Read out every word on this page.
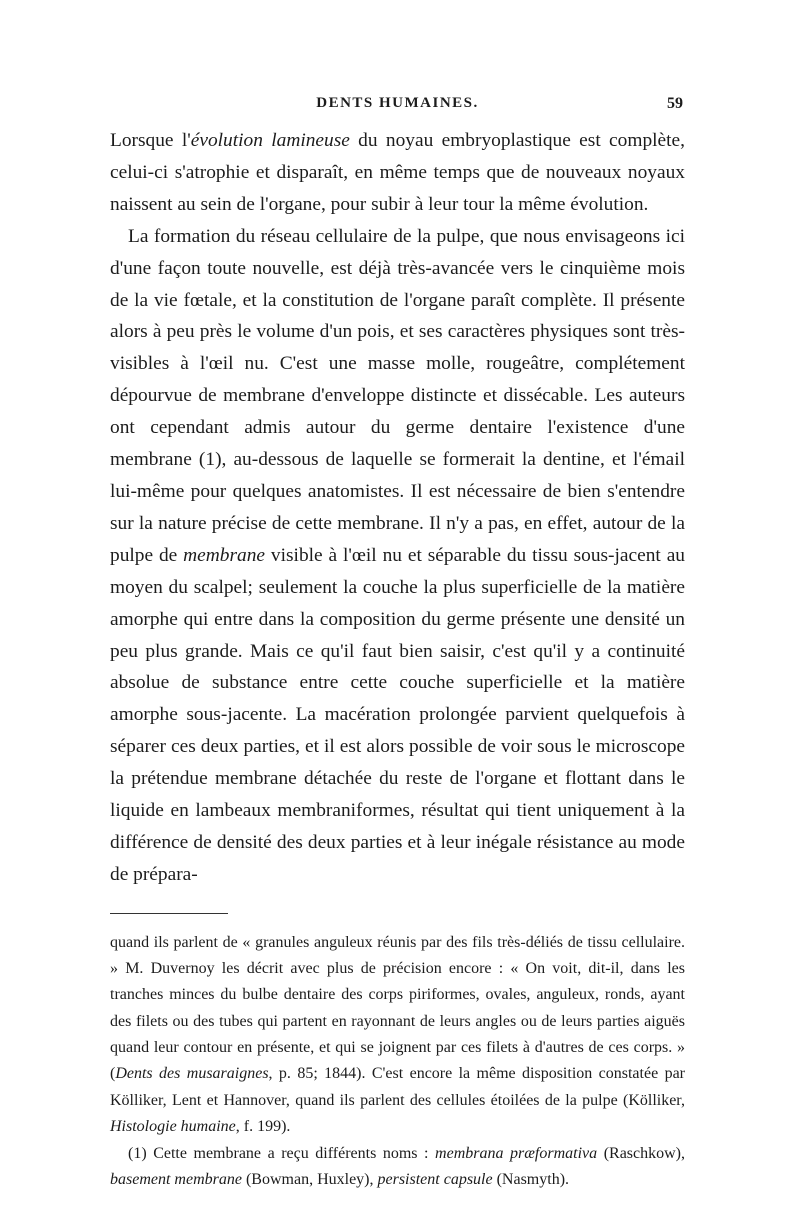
DENTS HUMAINES.	59

Lorsque l'évolution lamineuse du noyau embryoplastique est complète, celui-ci s'atrophie et disparaît, en même temps que de nouveaux noyaux naissent au sein de l'organe, pour subir à leur tour la même évolution.

La formation du réseau cellulaire de la pulpe, que nous envisageons ici d'une façon toute nouvelle, est déjà très-avancée vers le cinquième mois de la vie fœtale, et la constitution de l'organe paraît complète. Il présente alors à peu près le volume d'un pois, et ses caractères physiques sont très-visibles à l'œil nu. C'est une masse molle, rougeâtre, complétement dépourvue de membrane d'enveloppe distincte et dissécable. Les auteurs ont cependant admis autour du germe dentaire l'existence d'une membrane (1), au-dessous de laquelle se formerait la dentine, et l'émail lui-même pour quelques anatomistes. Il est nécessaire de bien s'entendre sur la nature précise de cette membrane. Il n'y a pas, en effet, autour de la pulpe de membrane visible à l'œil nu et séparable du tissu sous-jacent au moyen du scalpel; seulement la couche la plus superficielle de la matière amorphe qui entre dans la composition du germe présente une densité un peu plus grande. Mais ce qu'il faut bien saisir, c'est qu'il y a continuité absolue de substance entre cette couche superficielle et la matière amorphe sous-jacente. La macération prolongée parvient quelquefois à séparer ces deux parties, et il est alors possible de voir sous le microscope la prétendue membrane détachée du reste de l'organe et flottant dans le liquide en lambeaux membraniformes, résultat qui tient uniquement à la différence de densité des deux parties et à leur inégale résistance au mode de prépara-

quand ils parlent de « granules anguleux réunis par des fils très-déliés de tissu cellulaire. » M. Duvernoy les décrit avec plus de précision encore : « On voit, dit-il, dans les tranches minces du bulbe dentaire des corps piriformes, ovales, anguleux, ronds, ayant des filets ou des tubes qui partent en rayonnant de leurs angles ou de leurs parties aiguës quand leur contour en présente, et qui se joignent par ces filets à d'autres de ces corps. » (Dents des musaraignes, p. 85; 1844). C'est encore la même disposition constatée par Kölliker, Lent et Hannover, quand ils parlent des cellules étoilées de la pulpe (Kölliker, Histologie humaine, f. 199).

(1) Cette membrane a reçu différents noms : membrana præformativa (Raschkow), basement membrane (Bowman, Huxley), persistent capsule (Nasmyth).
